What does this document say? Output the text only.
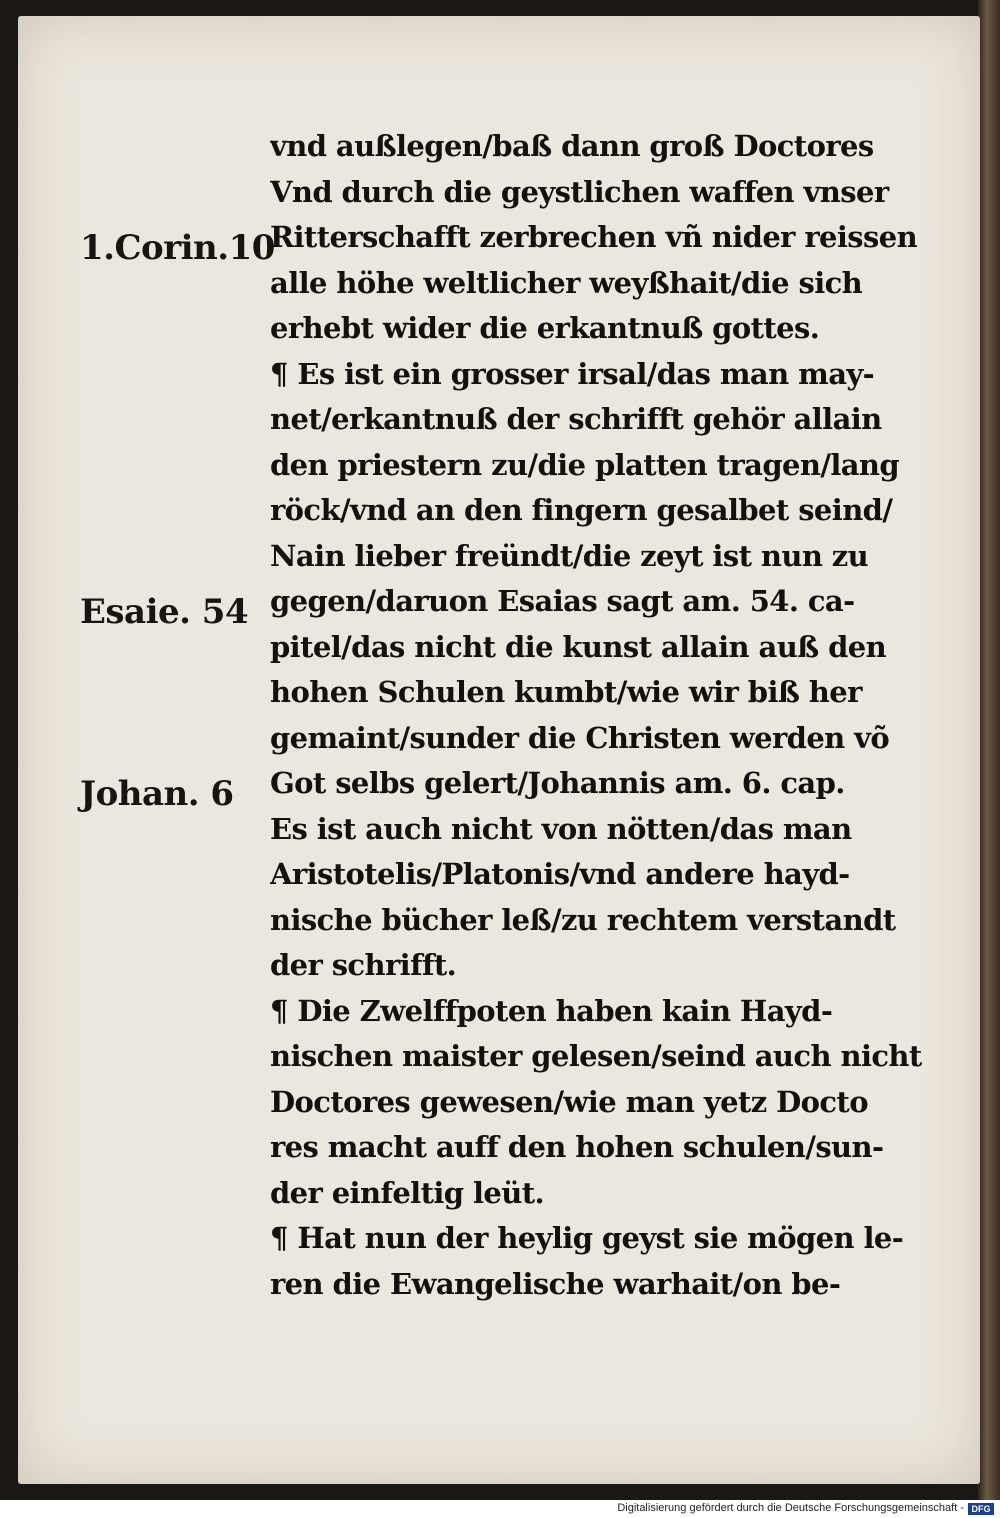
1.Corin.10
Esaie. 54
Johan. 6
vnd außlegen/baß dann groß Doctores
Vnd durch die geystlichen waffen vnser
Ritterschafft zerbrechen vñ nider reissen
alle höhe weltlicher weyßhait/die sich
erhebt wider die erkantnuß gottes.
¶ Es ist ein grosser irsal/das man may-
net/erkantnuß der schrifft gehör allain
den priestern zu/die platten tragen/lang
röck/vnd an den fingern gesalbet seind/
Nain lieber freündt/die zeyt ist nun zu
gegen/daruon Esaias sagt am. 54. ca-
pitel/das nicht die kunst allain auß den
hohen Schulen kumbt/wie wir biß her
gemaint/sunder die Christen werden võ
Got selbs gelert/Johannis am. 6. cap.
Es ist auch nicht von nötten/das man
Aristotelis/Platonis/vnd andere hayd-
nische bücher leß/zu rechtem verstandt
der schrifft.
¶ Die Zwelffpoten haben kain Hayd-
nischen maister gelesen/seind auch nicht
Doctores gewesen/wie man yetz Docto
res macht auff den hohen schulen/sun-
der einfeltig leüt.
¶ Hat nun der heylig geyst sie mögen le-
ren die Ewangelische warhait/on be-
Digitalisierung gefördert durch die Deutsche Forschungsgemeinschaft - DFG
